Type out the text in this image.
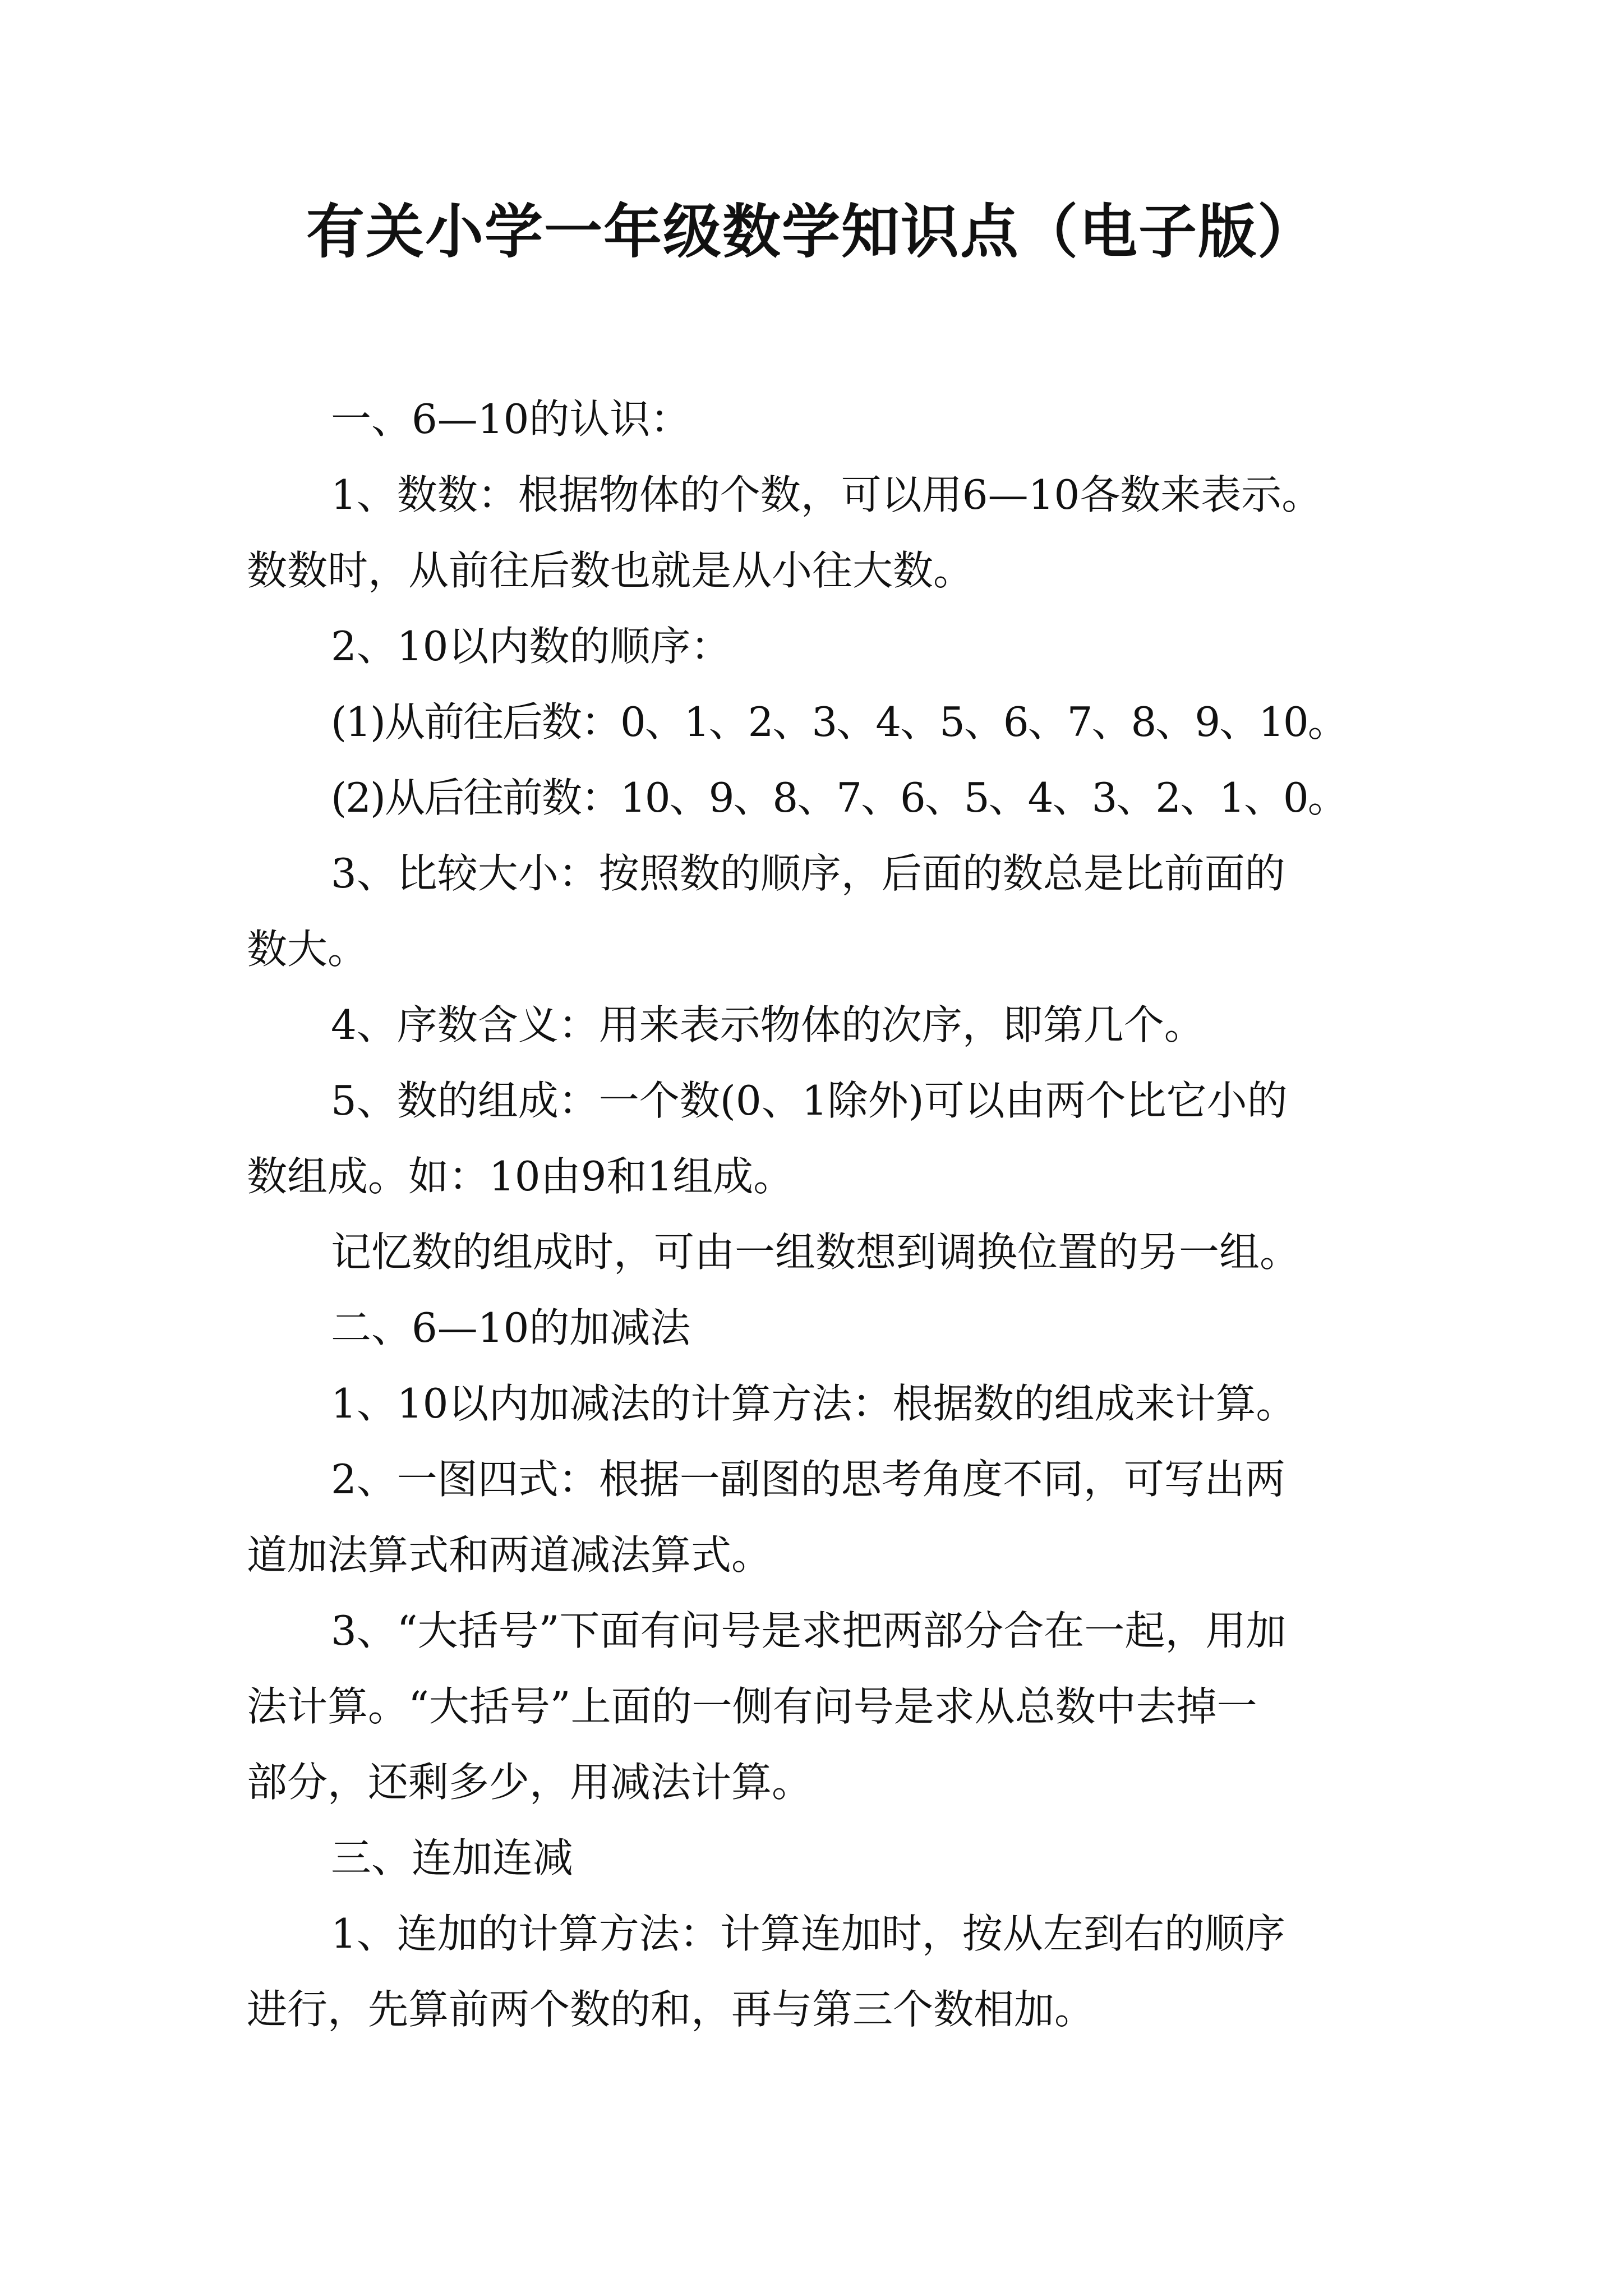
有关小学一年级数学知识点（电子版）

一、6—10的认识：

1、数数：根据物体的个数，可以用6—10各数来表示。

数数时，从前往后数也就是从小往大数。

2、10以内数的顺序：

(1)从前往后数：0、1、2、3、4、5、6、7、8、9、10。

(2)从后往前数：10、9、8、7、6、5、4、3、2、1、0。

3、比较大小：按照数的顺序，后面的数总是比前面的

数大。

4、序数含义：用来表示物体的次序，即第几个。

5、数的组成：一个数(0、1除外)可以由两个比它小的

数组成。如：10由9和1组成。

记忆数的组成时，可由一组数想到调换位置的另一组。

二、6—10的加减法

1、10以内加减法的计算方法：根据数的组成来计算。

2、一图四式：根据一副图的思考角度不同，可写出两

道加法算式和两道减法算式。

3、“大括号”下面有问号是求把两部分合在一起，用加

法计算。“大括号”上面的一侧有问号是求从总数中去掉一

部分，还剩多少，用减法计算。

三、连加连减

1、连加的计算方法：计算连加时，按从左到右的顺序

进行，先算前两个数的和，再与第三个数相加。
